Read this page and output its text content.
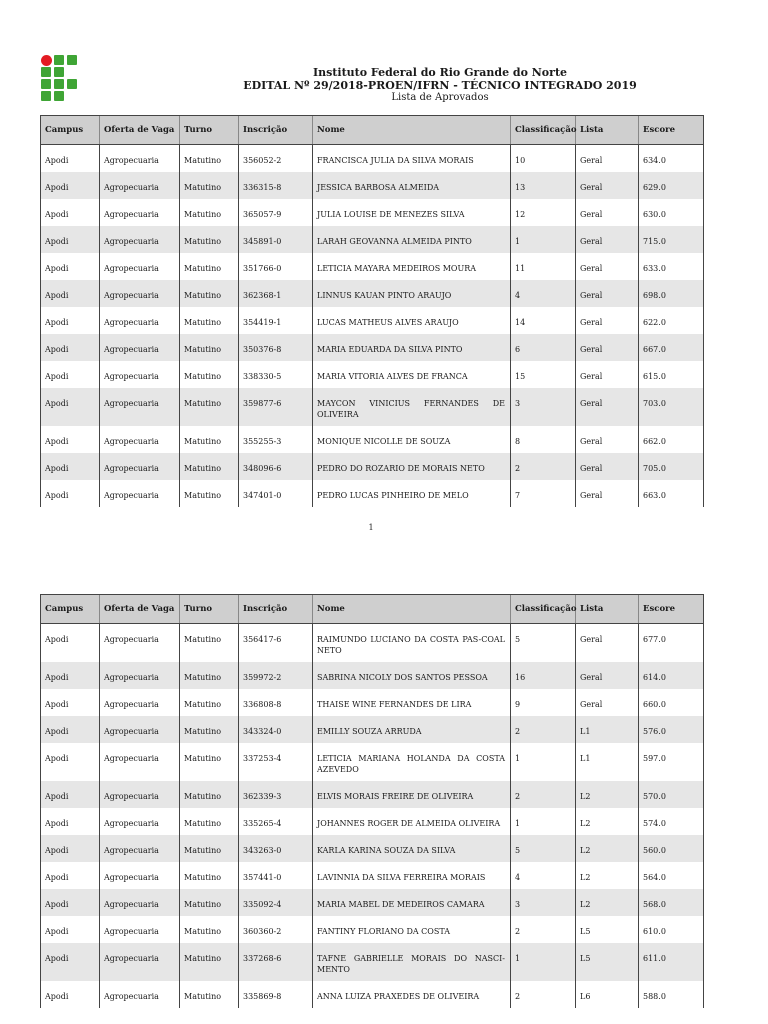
Instituto Federal do Rio Grande do Norte
EDITAL Nº 29/2018-PROEN/IFRN - TÉCNICO INTEGRADO 2019
Lista de Aprovados
Campus	Oferta de Vaga	Turno	Inscrição	Nome	Classificação	Lista	Escore
Apodi	Agropecuaria	Matutino	356052-2	FRANCISCA JULIA DA SILVA MORAIS	10	Geral	634.0
Apodi	Agropecuaria	Matutino	336315-8	JESSICA BARBOSA ALMEIDA	13	Geral	629.0
Apodi	Agropecuaria	Matutino	365057-9	JULIA LOUISE DE MENEZES SILVA	12	Geral	630.0
Apodi	Agropecuaria	Matutino	345891-0	LARAH GEOVANNA ALMEIDA PINTO	1	Geral	715.0
Apodi	Agropecuaria	Matutino	351766-0	LETICIA MAYARA MEDEIROS MOURA	11	Geral	633.0
Apodi	Agropecuaria	Matutino	362368-1	LINNUS KAUAN PINTO ARAUJO	4	Geral	698.0
Apodi	Agropecuaria	Matutino	354419-1	LUCAS MATHEUS ALVES ARAUJO	14	Geral	622.0
Apodi	Agropecuaria	Matutino	350376-8	MARIA EDUARDA DA SILVA PINTO	6	Geral	667.0
Apodi	Agropecuaria	Matutino	338330-5	MARIA VITORIA ALVES DE FRANCA	15	Geral	615.0
Apodi	Agropecuaria	Matutino	359877-6	MAYCON VINICIUS FERNANDES DE OLIVEIRA	3	Geral	703.0
Apodi	Agropecuaria	Matutino	355255-3	MONIQUE NICOLLE DE SOUZA	8	Geral	662.0
Apodi	Agropecuaria	Matutino	348096-6	PEDRO DO ROZARIO DE MORAIS NETO	2	Geral	705.0
Apodi	Agropecuaria	Matutino	347401-0	PEDRO LUCAS PINHEIRO DE MELO	7	Geral	663.0
1
Campus	Oferta de Vaga	Turno	Inscrição	Nome	Classificação	Lista	Escore
Apodi	Agropecuaria	Matutino	356417-6	RAIMUNDO LUCIANO DA COSTA PAS-COAL NETO	5	Geral	677.0
Apodi	Agropecuaria	Matutino	359972-2	SABRINA NICOLY DOS SANTOS PESSOA	16	Geral	614.0
Apodi	Agropecuaria	Matutino	336808-8	THAISE WINE FERNANDES DE LIRA	9	Geral	660.0
Apodi	Agropecuaria	Matutino	343324-0	EMILLY SOUZA ARRUDA	2	L1	576.0
Apodi	Agropecuaria	Matutino	337253-4	LETICIA MARIANA HOLANDA DA COSTA AZEVEDO	1	L1	597.0
Apodi	Agropecuaria	Matutino	362339-3	ELVIS MORAIS FREIRE DE OLIVEIRA	2	L2	570.0
Apodi	Agropecuaria	Matutino	335265-4	JOHANNES ROGER DE ALMEIDA OLIVEIRA	1	L2	574.0
Apodi	Agropecuaria	Matutino	343263-0	KARLA KARINA SOUZA DA SILVA	5	L2	560.0
Apodi	Agropecuaria	Matutino	357441-0	LAVINNIA DA SILVA FERREIRA MORAIS	4	L2	564.0
Apodi	Agropecuaria	Matutino	335092-4	MARIA MABEL DE MEDEIROS CAMARA	3	L2	568.0
Apodi	Agropecuaria	Matutino	360360-2	FANTINY FLORIANO DA COSTA	2	L5	610.0
Apodi	Agropecuaria	Matutino	337268-6	TAFNE GABRIELLE MORAIS DO NASCI-MENTO	1	L5	611.0
Apodi	Agropecuaria	Matutino	335869-8	ANNA LUIZA PRAXEDES DE OLIVEIRA	2	L6	588.0
